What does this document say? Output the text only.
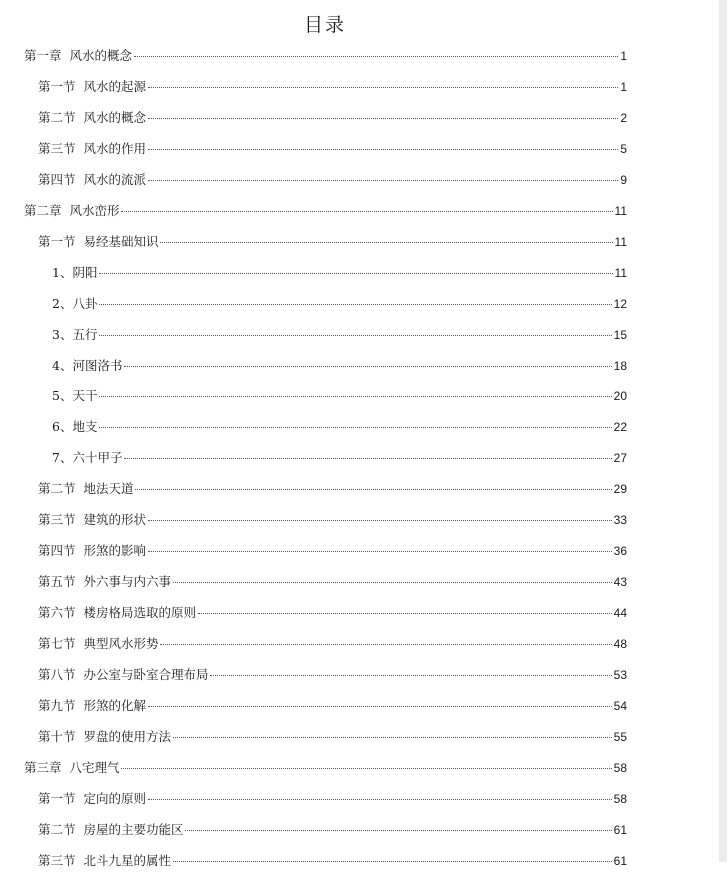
目录
第一章  风水的概念	1
第一节  风水的起源	1
第二节  风水的概念	2
第三节  风水的作用	5
第四节  风水的流派	9
第二章  风水峦形	11
第一节  易经基础知识	11
1、阴阳	11
2、八卦	12
3、五行	15
4、河图洛书	18
5、天干	20
6、地支	22
7、六十甲子	27
第二节  地法天道	29
第三节  建筑的形状	33
第四节  形煞的影响	36
第五节  外六事与内六事	43
第六节  楼房格局选取的原则	44
第七节  典型风水形势	48
第八节  办公室与卧室合理布局	53
第九节  形煞的化解	54
第十节  罗盘的使用方法	55
第三章  八宅理气	58
第一节  定向的原则	58
第二节  房屋的主要功能区	61
第三节  北斗九星的属性	61
